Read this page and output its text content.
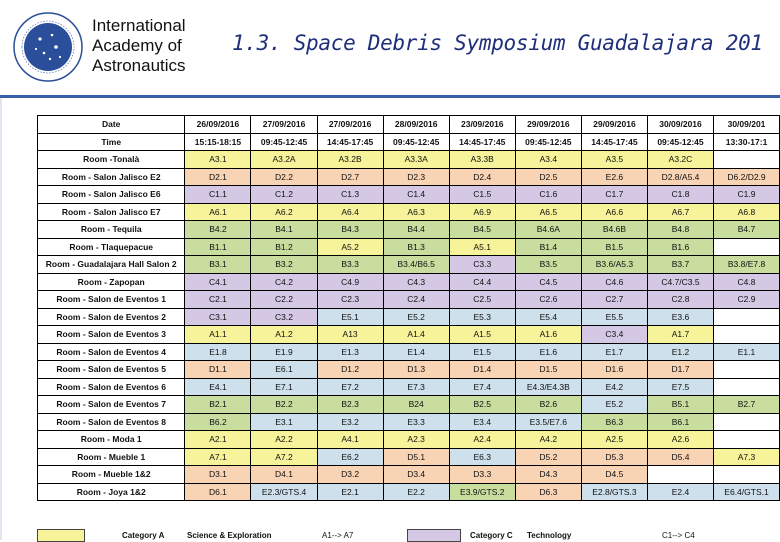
International
Academy of
Astronautics
1.3. Space Debris Symposium Guadalajara 201
Date	26/09/2016	27/09/2016	27/09/2016	28/09/2016	23/09/2016	29/09/2016	29/09/2016	30/09/2016	30/09/201
Time	15:15-18:15	09:45-12:45	14:45-17:45	09:45-12:45	14:45-17:45	09:45-12:45	14:45-17:45	09:45-12:45	13:30-17:1
Room -Tonalà	A3.1	A3.2A	A3.2B	A3.3A	A3.3B	A3.4	A3.5	A3.2C	
Room - Salon Jalisco E2	D2.1	D2.2	D2.7	D2.3	D2.4	D2.5	E2.6	D2.8/A5.4	D6.2/D2.9
Room - Salon Jalisco E6	C1.1	C1.2	C1.3	C1.4	C1.5	C1.6	C1.7	C1.8	C1.9
Room - Salon Jalisco E7	A6.1	A6.2	A6.4	A6.3	A6.9	A6.5	A6.6	A6.7	A6.8
Room - Tequila	B4.2	B4.1	B4.3	B4.4	B4.5	B4.6A	B4.6B	B4.8	B4.7
Room - Tlaquepacue	B1.1	B1.2	A5.2	B1.3	A5.1	B1.4	B1.5	B1.6	
Room - Guadalajara Hall Salon 2	B3.1	B3.2	B3.3	B3.4/B6.5	C3.3	B3.5	B3.6/A5.3	B3.7	B3.8/E7.8
Room - Zapopan	C4.1	C4.2	C4.9	C4.3	C4.4	C4.5	C4.6	C4.7/C3.5	C4.8
Room - Salon de Eventos 1	C2.1	C2.2	C2.3	C2.4	C2.5	C2.6	C2.7	C2.8	C2.9
Room - Salon de Eventos 2	C3.1	C3.2	E5.1	E5.2	E5.3	E5.4	E5.5	E3.6	
Room - Salon de Eventos 3	A1.1	A1.2	A13	A1.4	A1.5	A1.6	C3.4	A1.7	
Room - Salon de Eventos 4	E1.8	E1.9	E1.3	E1.4	E1.5	E1.6	E1.7	E1.2	E1.1
Room - Salon de Eventos 5	D1.1	E6.1	D1.2	D1.3	D1.4	D1.5	D1.6	D1.7	
Room - Salon de Eventos 6	E4.1	E7.1	E7.2	E7.3	E7.4	E4.3/E4.3B	E4.2	E7.5	
Room - Salon de Eventos 7	B2.1	B2.2	B2.3	B24	B2.5	B2.6	E5.2	B5.1	B2.7
Room - Salon de Eventos 8	B6.2	E3.1	E3.2	E3.3	E3.4	E3.5/E7.6	B6.3	B6.1	
Room - Moda 1	A2.1	A2.2	A4.1	A2.3	A2.4	A4.2	A2.5	A2.6	
Room - Mueble 1	A7.1	A7.2	E6.2	D5.1	E6.3	D5.2	D5.3	D5.4	A7.3
Room - Mueble 1&2	D3.1	D4.1	D3.2	D3.4	D3.3	D4.3	D4.5		
Room - Joya 1&2	D6.1	E2.3/GTS.4	E2.1	E2.2	E3.9/GTS.2	D6.3	E2.8/GTS.3	E2.4	E6.4/GTS.1
Category A	Science & Exploration	A1--> A7	Category C Technology	C1--> C4
